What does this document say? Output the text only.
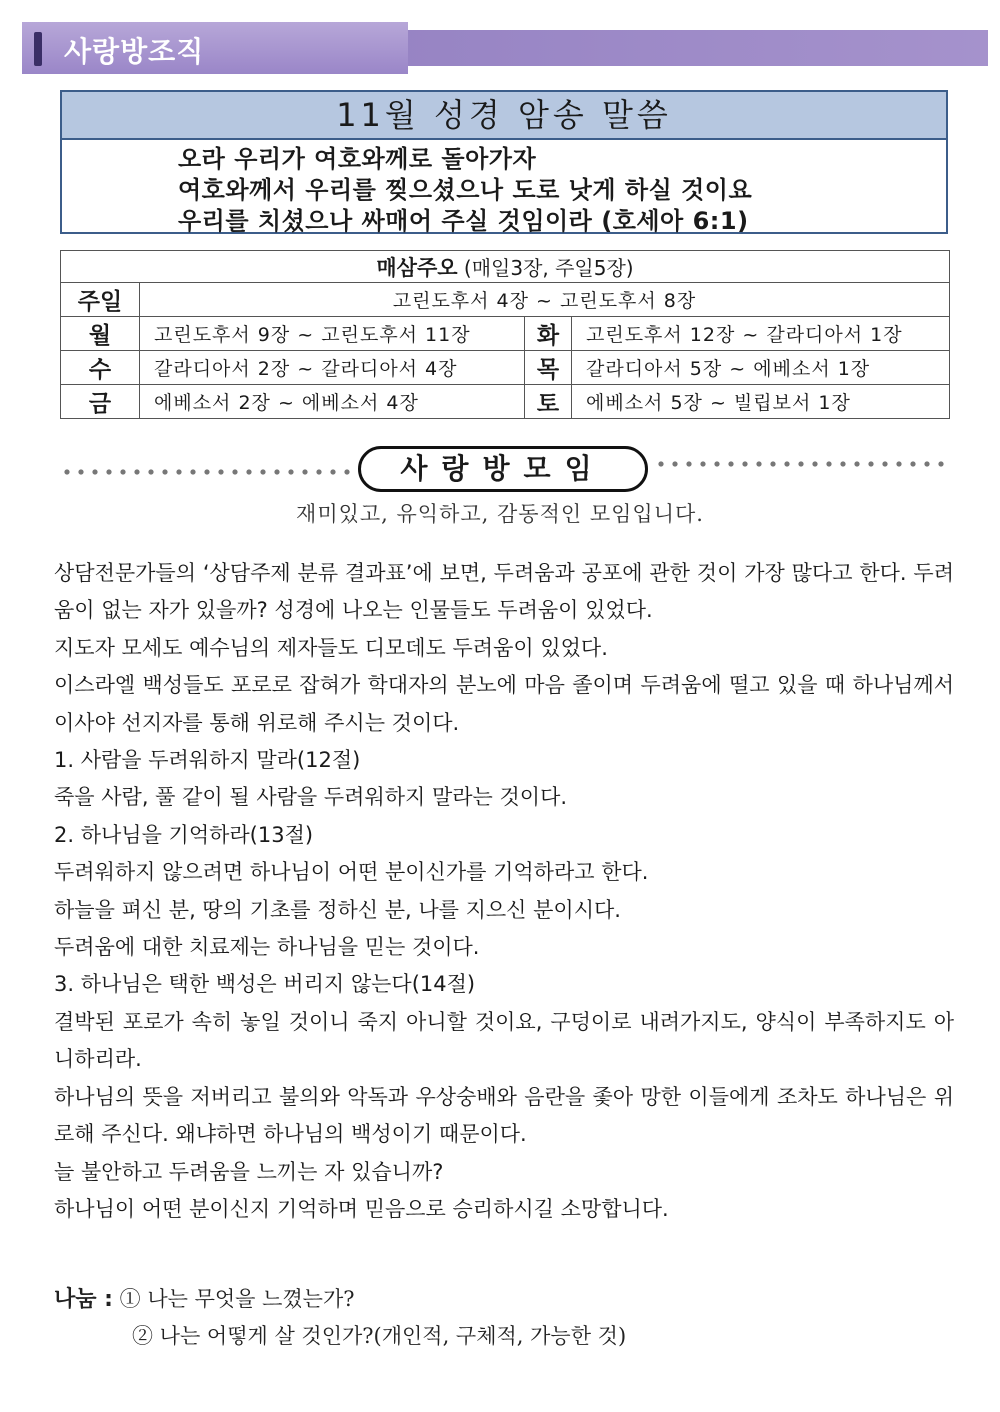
사랑방조직
11월 성경 암송 말씀
오라 우리가 여호와께로 돌아가자
여호와께서 우리를 찢으셨으나 도로 낫게 하실 것이요
우리를 치셨으나 싸매어 주실 것임이라 (호세아 6:1)
매삼주오 (매일3장, 주일5장)			
주일	고린도후서 4장 ~ 고린도후서 8장		
월	고린도후서 9장 ~ 고린도후서 11장	화	고린도후서 12장 ~ 갈라디아서 1장
수	갈라디아서 2장 ~ 갈라디아서 4장	목	갈라디아서 5장 ~ 에베소서 1장
금	에베소서 2장 ~ 에베소서 4장	토	에베소서 5장 ~ 빌립보서 1장
사랑방모임
재미있고, 유익하고, 감동적인 모임입니다.

상담전문가들의 ‘상담주제 분류 결과표’에 보면, 두려움과 공포에 관한 것이 가장 많다고 한다. 두려움이 없는 자가 있을까? 성경에 나오는 인물들도 두려움이 있었다.

지도자 모세도 예수님의 제자들도 디모데도 두려움이 있었다.

이스라엘 백성들도 포로로 잡혀가 학대자의 분노에 마음 졸이며 두려움에 떨고 있을 때 하나님께서 이사야 선지자를 통해 위로해 주시는 것이다.

1. 사람을 두려워하지 말라(12절)

죽을 사람, 풀 같이 될 사람을 두려워하지 말라는 것이다.

2. 하나님을 기억하라(13절)

두려워하지 않으려면 하나님이 어떤 분이신가를 기억하라고 한다.

하늘을 펴신 분, 땅의 기초를 정하신 분, 나를 지으신 분이시다.

두려움에 대한 치료제는 하나님을 믿는 것이다.

3. 하나님은 택한 백성은 버리지 않는다(14절)

결박된 포로가 속히 놓일 것이니 죽지 아니할 것이요, 구덩이로 내려가지도, 양식이 부족하지도 아니하리라.

하나님의 뜻을 저버리고 불의와 악독과 우상숭배와 음란을 좇아 망한 이들에게 조차도 하나님은 위로해 주신다. 왜냐하면 하나님의 백성이기 때문이다.

늘 불안하고 두려움을 느끼는 자 있습니까?

하나님이 어떤 분이신지 기억하며 믿음으로 승리하시길 소망합니다.

나눔 : ① 나는 무엇을 느꼈는가?
② 나는 어떻게 살 것인가?(개인적, 구체적, 가능한 것)
